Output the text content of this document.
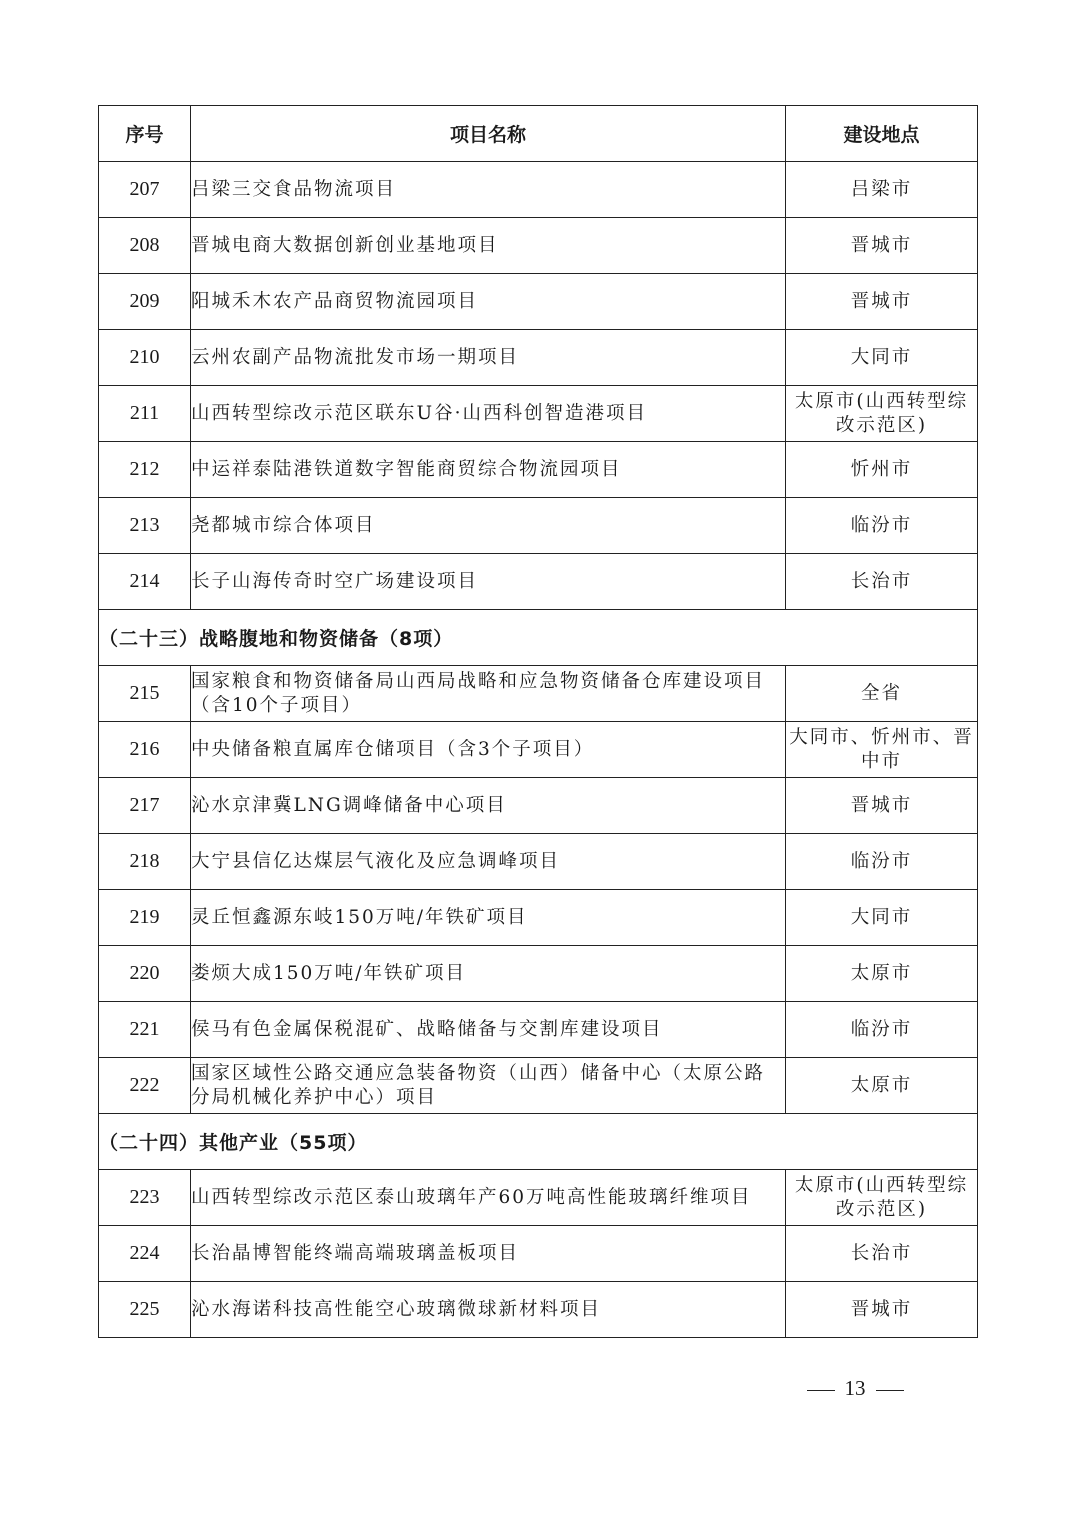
序号	项目名称	建设地点
207	吕梁三交食品物流项目	吕梁市
208	晋城电商大数据创新创业基地项目	晋城市
209	阳城禾木农产品商贸物流园项目	晋城市
210	云州农副产品物流批发市场一期项目	大同市
211	山西转型综改示范区联东U谷·山西科创智造港项目	太原市(山西转型综改示范区)
212	中运祥泰陆港铁道数字智能商贸综合物流园项目	忻州市
213	尧都城市综合体项目	临汾市
214	长子山海传奇时空广场建设项目	长治市
（二十三）战略腹地和物资储备（8项）		
215	国家粮食和物资储备局山西局战略和应急物资储备仓库建设项目（含10个子项目）	全省
216	中央储备粮直属库仓储项目（含3个子项目）	大同市、忻州市、晋中市
217	沁水京津冀LNG调峰储备中心项目	晋城市
218	大宁县信亿达煤层气液化及应急调峰项目	临汾市
219	灵丘恒鑫源东岐150万吨/年铁矿项目	大同市
220	娄烦大成150万吨/年铁矿项目	太原市
221	侯马有色金属保税混矿、战略储备与交割库建设项目	临汾市
222	国家区域性公路交通应急装备物资（山西）储备中心（太原公路分局机械化养护中心）项目	太原市
（二十四）其他产业（55项）		
223	山西转型综改示范区泰山玻璃年产60万吨高性能玻璃纤维项目	太原市(山西转型综改示范区)
224	长治晶博智能终端高端玻璃盖板项目	长治市
225	沁水海诺科技高性能空心玻璃微球新材料项目	晋城市
13
